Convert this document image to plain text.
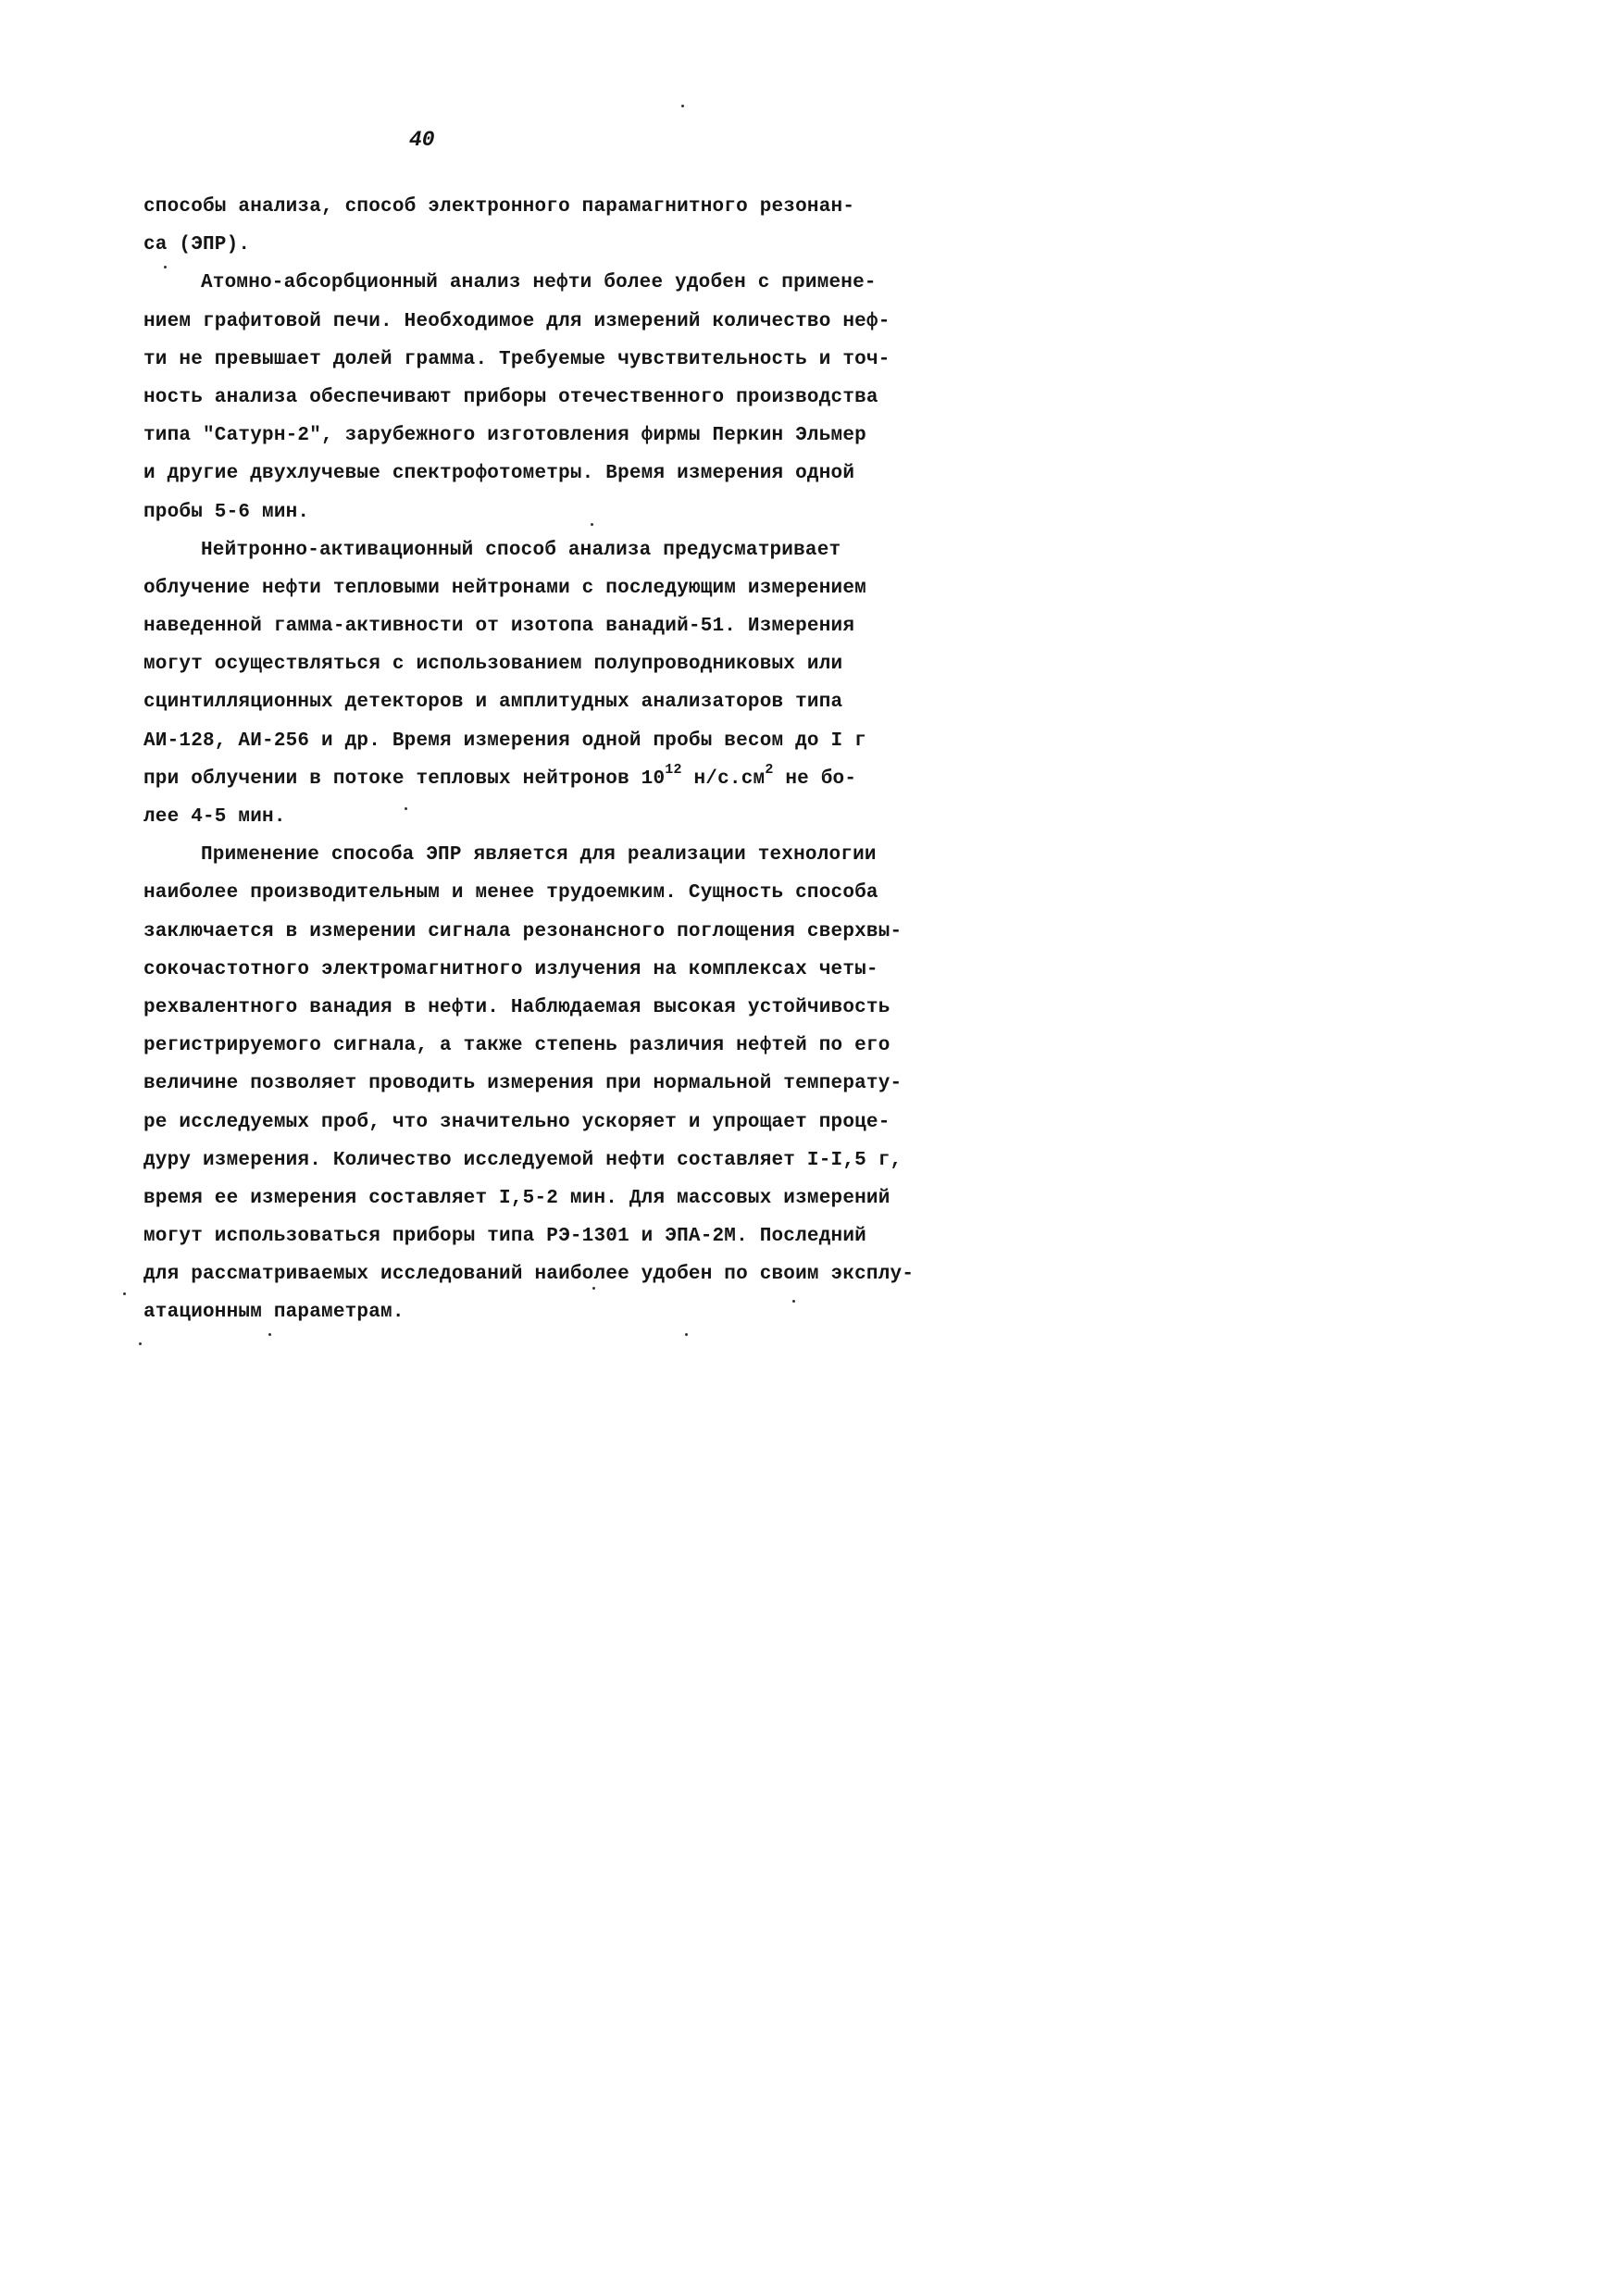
40
способы анализа, способ электронного парамагнитного резонан-
са (ЭПР).
Атомно-абсорбционный анализ нефти более удобен с примене-
нием графитовой печи. Необходимое для измерений количество неф-
ти не превышает долей грамма. Требуемые чувствительность и точ-
ность анализа обеспечивают приборы отечественного производства
типа "Сатурн-2", зарубежного изготовления фирмы Перкин Эльмер
и другие двухлучевые спектрофотометры. Время измерения одной
пробы 5-6 мин.
Нейтронно-активационный способ анализа предусматривает
облучение нефти тепловыми нейтронами с последующим измерением
наведенной гамма-активности от изотопа ванадий-51. Измерения
могут осуществляться с использованием полупроводниковых или
сцинтилляционных детекторов и амплитудных анализаторов типа
АИ-128, АИ-256 и др. Время измерения одной пробы весом до I г
при облучении в потоке тепловых нейтронов $10^{12}$ $н/с.см^2$ не бо-
лее 4-5 мин.
Применение способа ЭПР является для реализации технологии
наиболее производительным и менее трудоемким. Сущность способа
заключается в измерении сигнала резонансного поглощения сверхвы-
сокочастотного электромагнитного излучения на комплексах четы-
рехвалентного ванадия в нефти. Наблюдаемая высокая устойчивость
регистрируемого сигнала, а также степень различия нефтей по его
величине позволяет проводить измерения при нормальной температу-
ре исследуемых проб, что значительно ускоряет и упрощает проце-
дуру измерения. Количество исследуемой нефти составляет I-I,5 г,
время ее измерения составляет I,5-2 мин. Для массовых измерений
могут использоваться приборы типа РЭ-1301 и ЭПА-2М. Последний
для рассматриваемых исследований наиболее удобен по своим эксплу-
атационным параметрам.
